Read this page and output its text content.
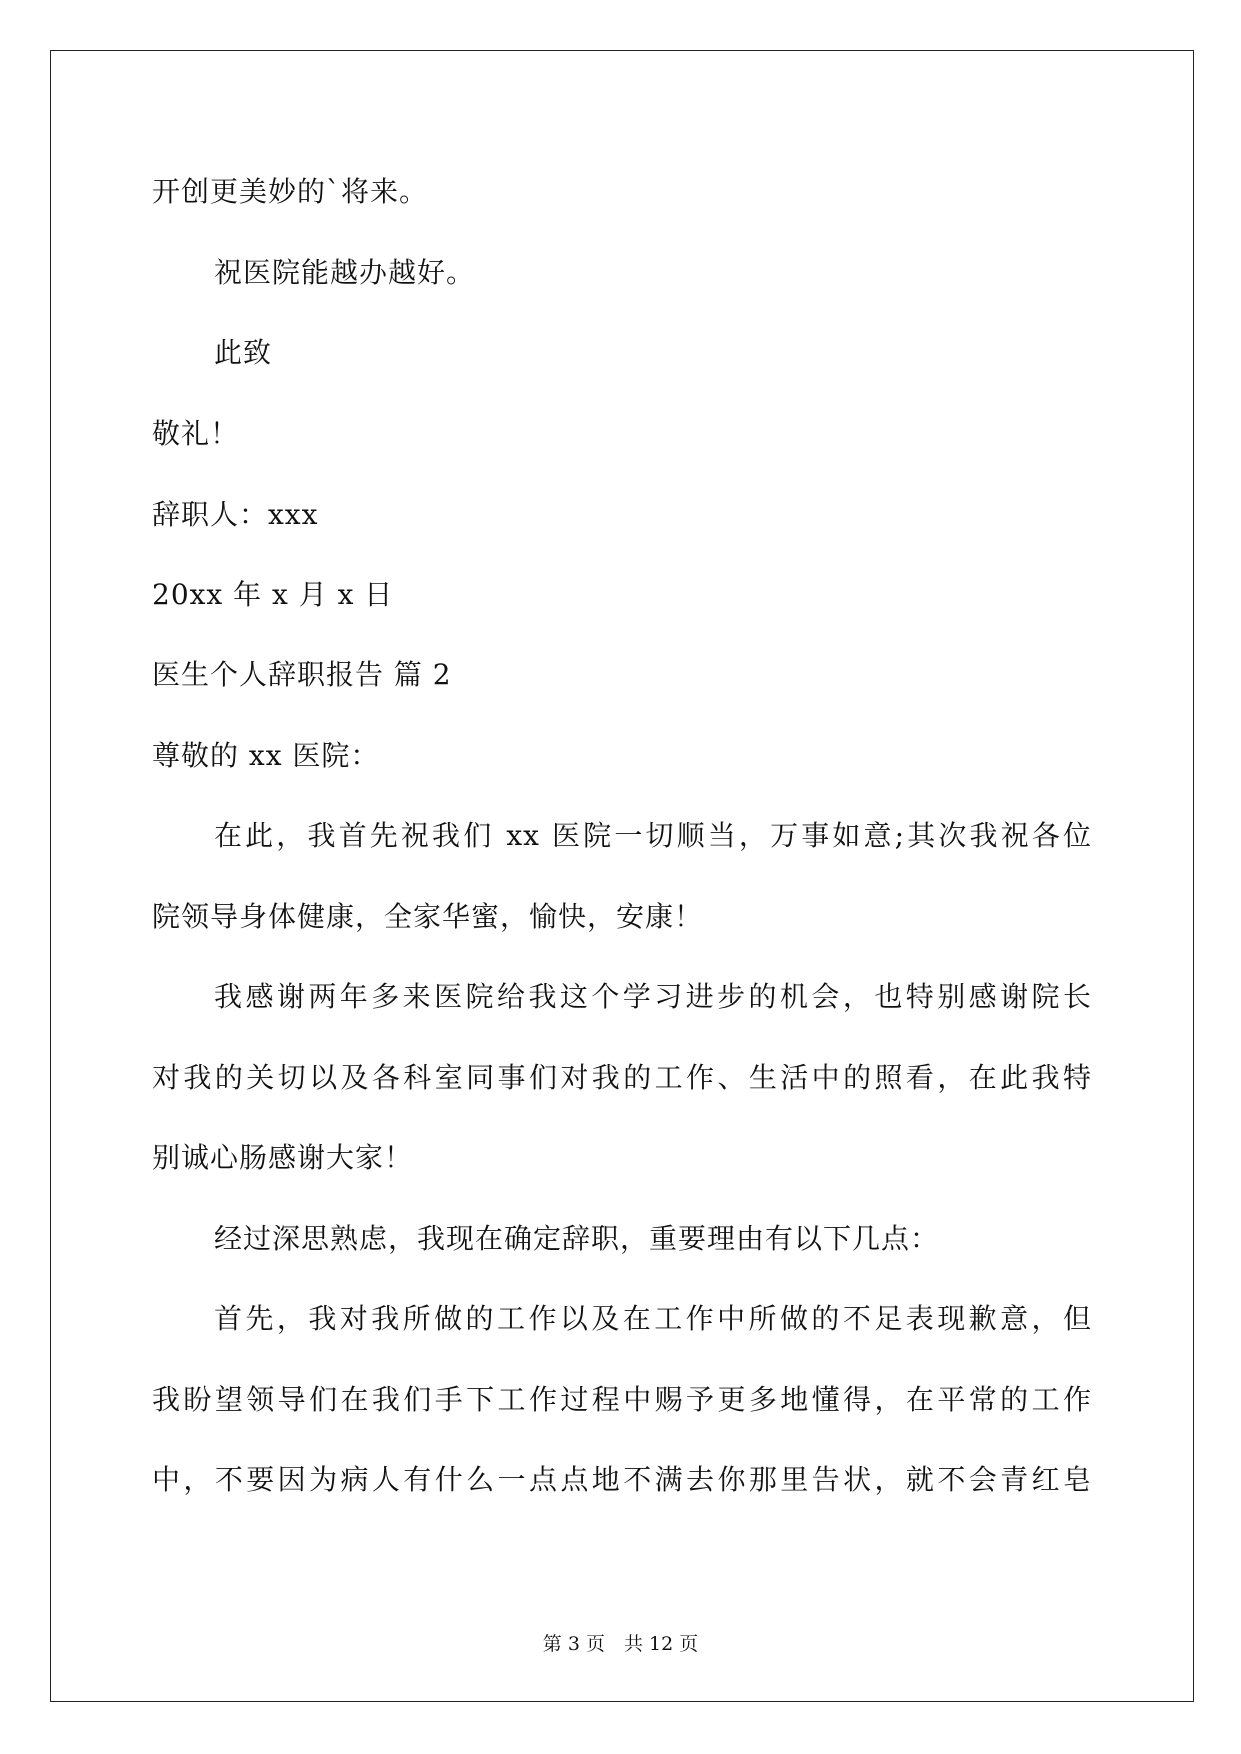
开创更美妙的`将来。
祝医院能越办越好。
此致
敬礼！
辞职人：xxx
20xx 年 x 月 x 日
医生个人辞职报告 篇 2
尊敬的 xx 医院：
在此，我首先祝我们 xx 医院一切顺当，万事如意;其次我祝各位
院领导身体健康，全家华蜜，愉快，安康！
我感谢两年多来医院给我这个学习进步的机会，也特别感谢院长
对我的关切以及各科室同事们对我的工作、生活中的照看，在此我特
别诚心肠感谢大家！
经过深思熟虑，我现在确定辞职，重要理由有以下几点：
首先，我对我所做的工作以及在工作中所做的不足表现歉意，但
我盼望领导们在我们手下工作过程中赐予更多地懂得，在平常的工作
中，不要因为病人有什么一点点地不满去你那里告状，就不会青红皂
第 3 页　共 12 页
